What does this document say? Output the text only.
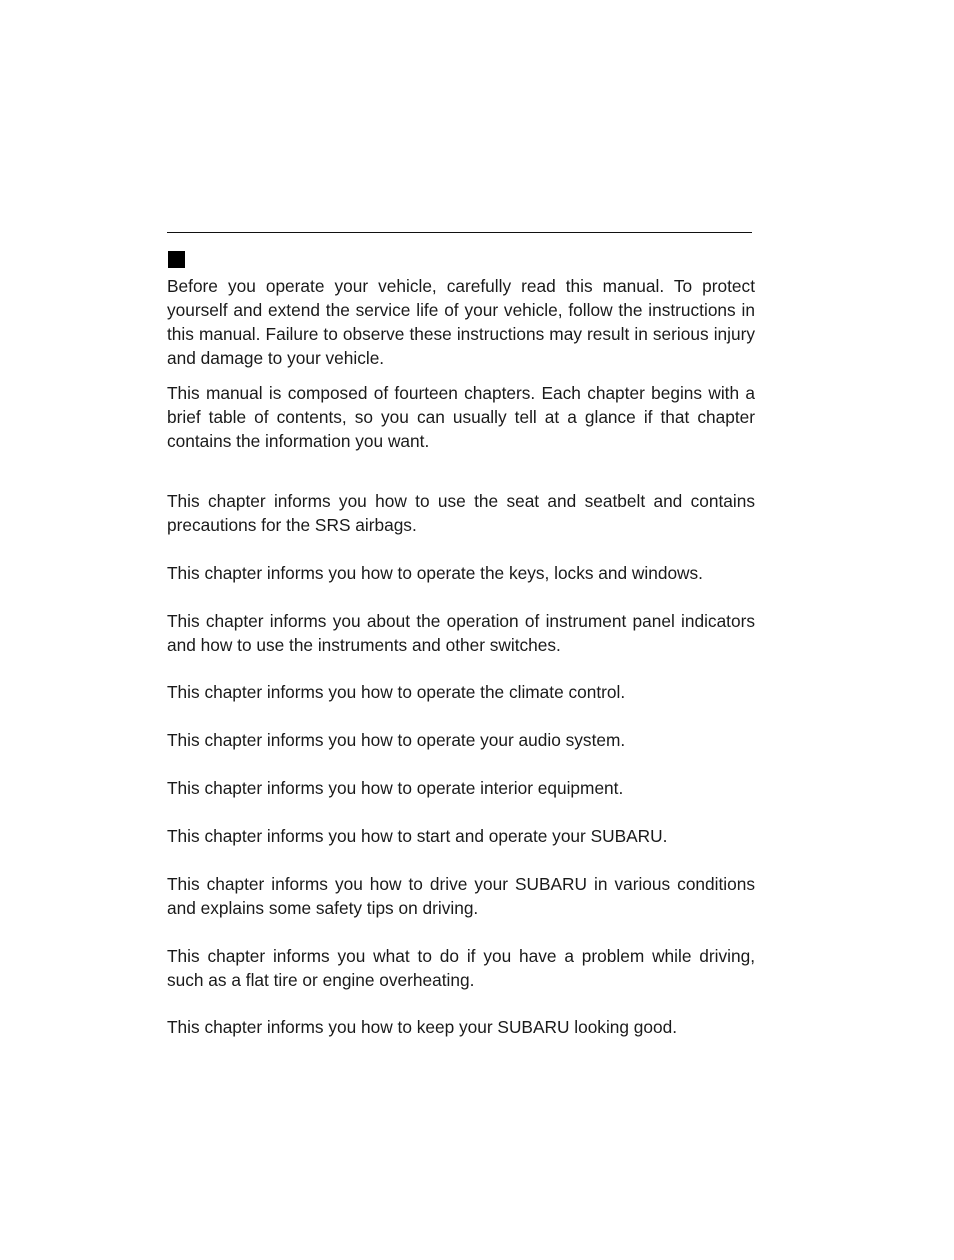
Before you operate your vehicle, carefully read this manual. To protect yourself and extend the service life of your vehicle, follow the instructions in this manual. Failure to observe these instructions may result in serious injury and damage to your vehicle.

This manual is composed of fourteen chapters. Each chapter begins with a brief table of contents, so you can usually tell at a glance if that chapter contains the information you want.

This chapter informs you how to use the seat and seatbelt and contains precautions for the SRS airbags.

This chapter informs you how to operate the keys, locks and windows.

This chapter informs you about the operation of instrument panel indicators and how to use the instruments and other switches.

This chapter informs you how to operate the climate control.

This chapter informs you how to operate your audio system.

This chapter informs you how to operate interior equipment.

This chapter informs you how to start and operate your SUBARU.

This chapter informs you how to drive your SUBARU in various conditions and explains some safety tips on driving.

This chapter informs you what to do if you have a problem while driving, such as a flat tire or engine overheating.

This chapter informs you how to keep your SUBARU looking good.
